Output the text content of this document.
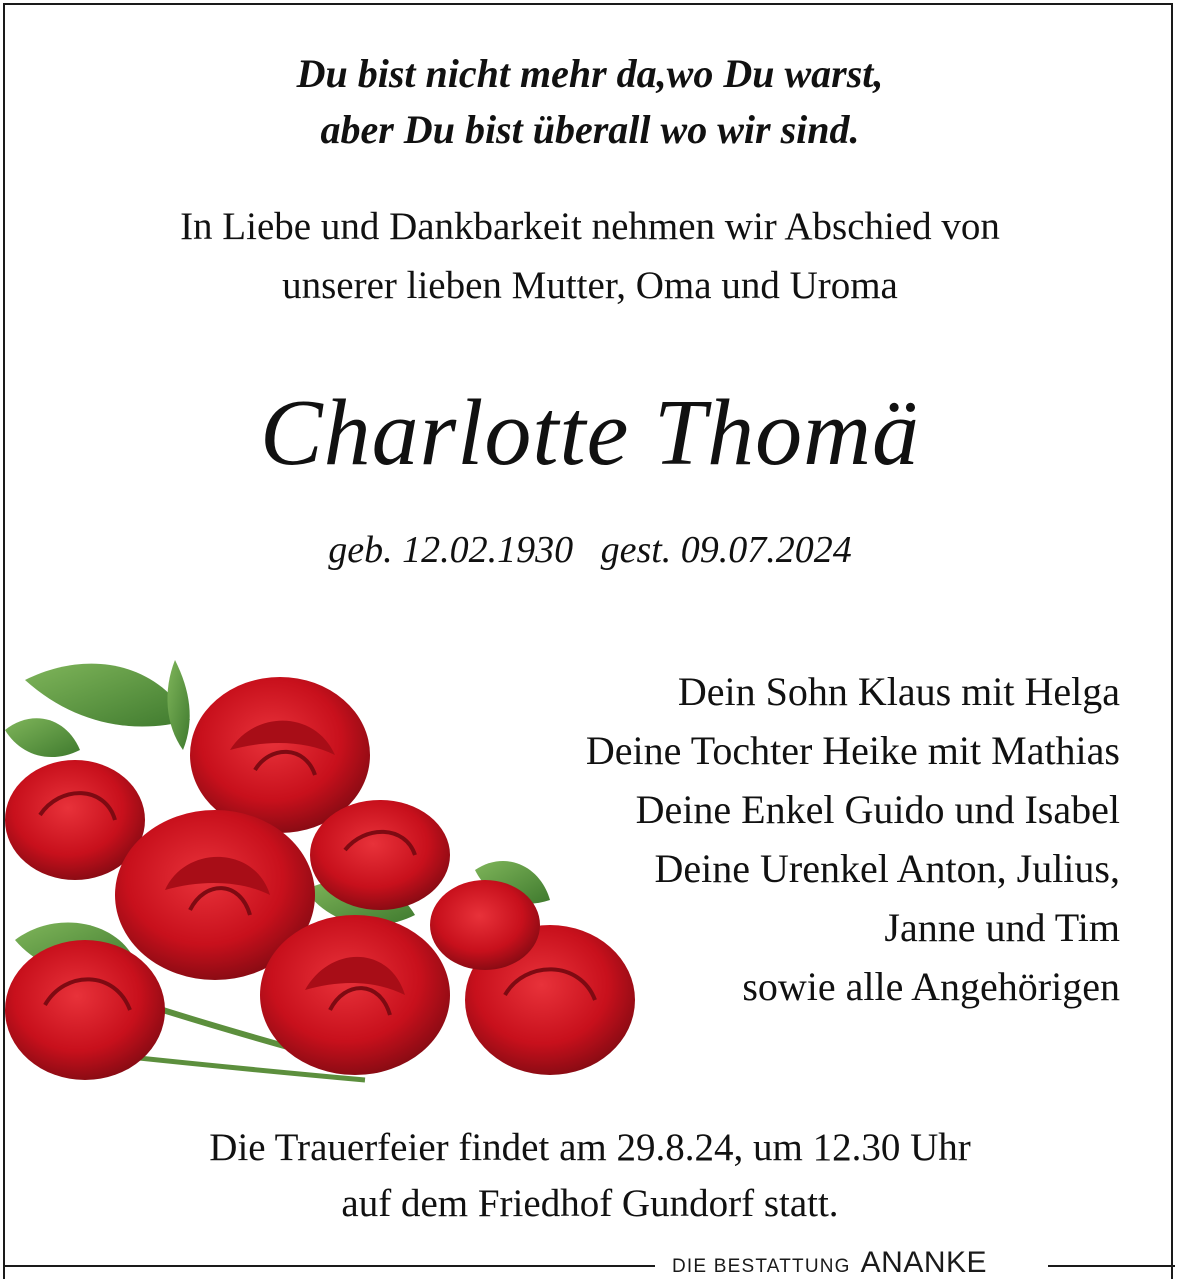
Du bist nicht mehr da,wo Du warst,
aber Du bist überall wo wir sind.
In Liebe und Dankbarkeit nehmen wir Abschied von
unserer lieben Mutter, Oma und Uroma
Charlotte Thomä
geb. 12.02.1930 gest. 09.07.2024
Dein Sohn Klaus mit Helga
Deine Tochter Heike mit Mathias
Deine Enkel Guido und Isabel
Deine Urenkel Anton, Julius,
Janne und Tim
sowie alle Angehörigen
Die Trauerfeier findet am 29.8.24, um 12.30 Uhr
auf dem Friedhof Gundorf statt.
DIE BESTATTUNG ANANKE
